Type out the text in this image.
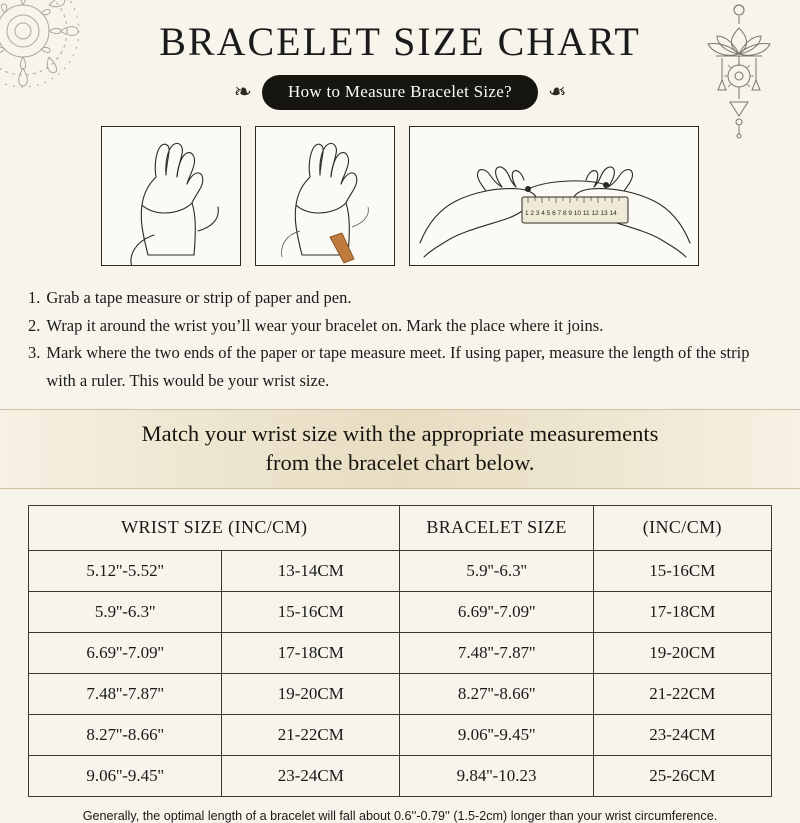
BRACELET SIZE CHART
❧	How to Measure Bracelet Size?	❧
1 2 3 4 5 6 7 8 9 10 11 12 13 14
1. Grab a tape measure or strip of paper and pen.
2. Wrap it around the wrist you’ll wear your bracelet on. Mark the place where it joins.
3. Mark where the two ends of the paper or tape measure meet. If using paper, measure the length of the strip with a ruler. This would be your wrist size.
Match your wrist size with the appropriate measurements
from the bracelet chart below.
WRIST SIZE (INC/CM)		BRACELET SIZE	(INC/CM)
5.12''-5.52''	13-14CM	5.9''-6.3''	15-16CM
5.9''-6.3''	15-16CM	6.69''-7.09''	17-18CM
6.69''-7.09''	17-18CM	7.48''-7.87''	19-20CM
7.48''-7.87''	19-20CM	8.27''-8.66''	21-22CM
8.27''-8.66''	21-22CM	9.06''-9.45''	23-24CM
9.06''-9.45''	23-24CM	9.84''-10.23	25-26CM
Generally, the optimal length of a bracelet will fall about 0.6''-0.79'' (1.5-2cm) longer than your wrist circumference.
